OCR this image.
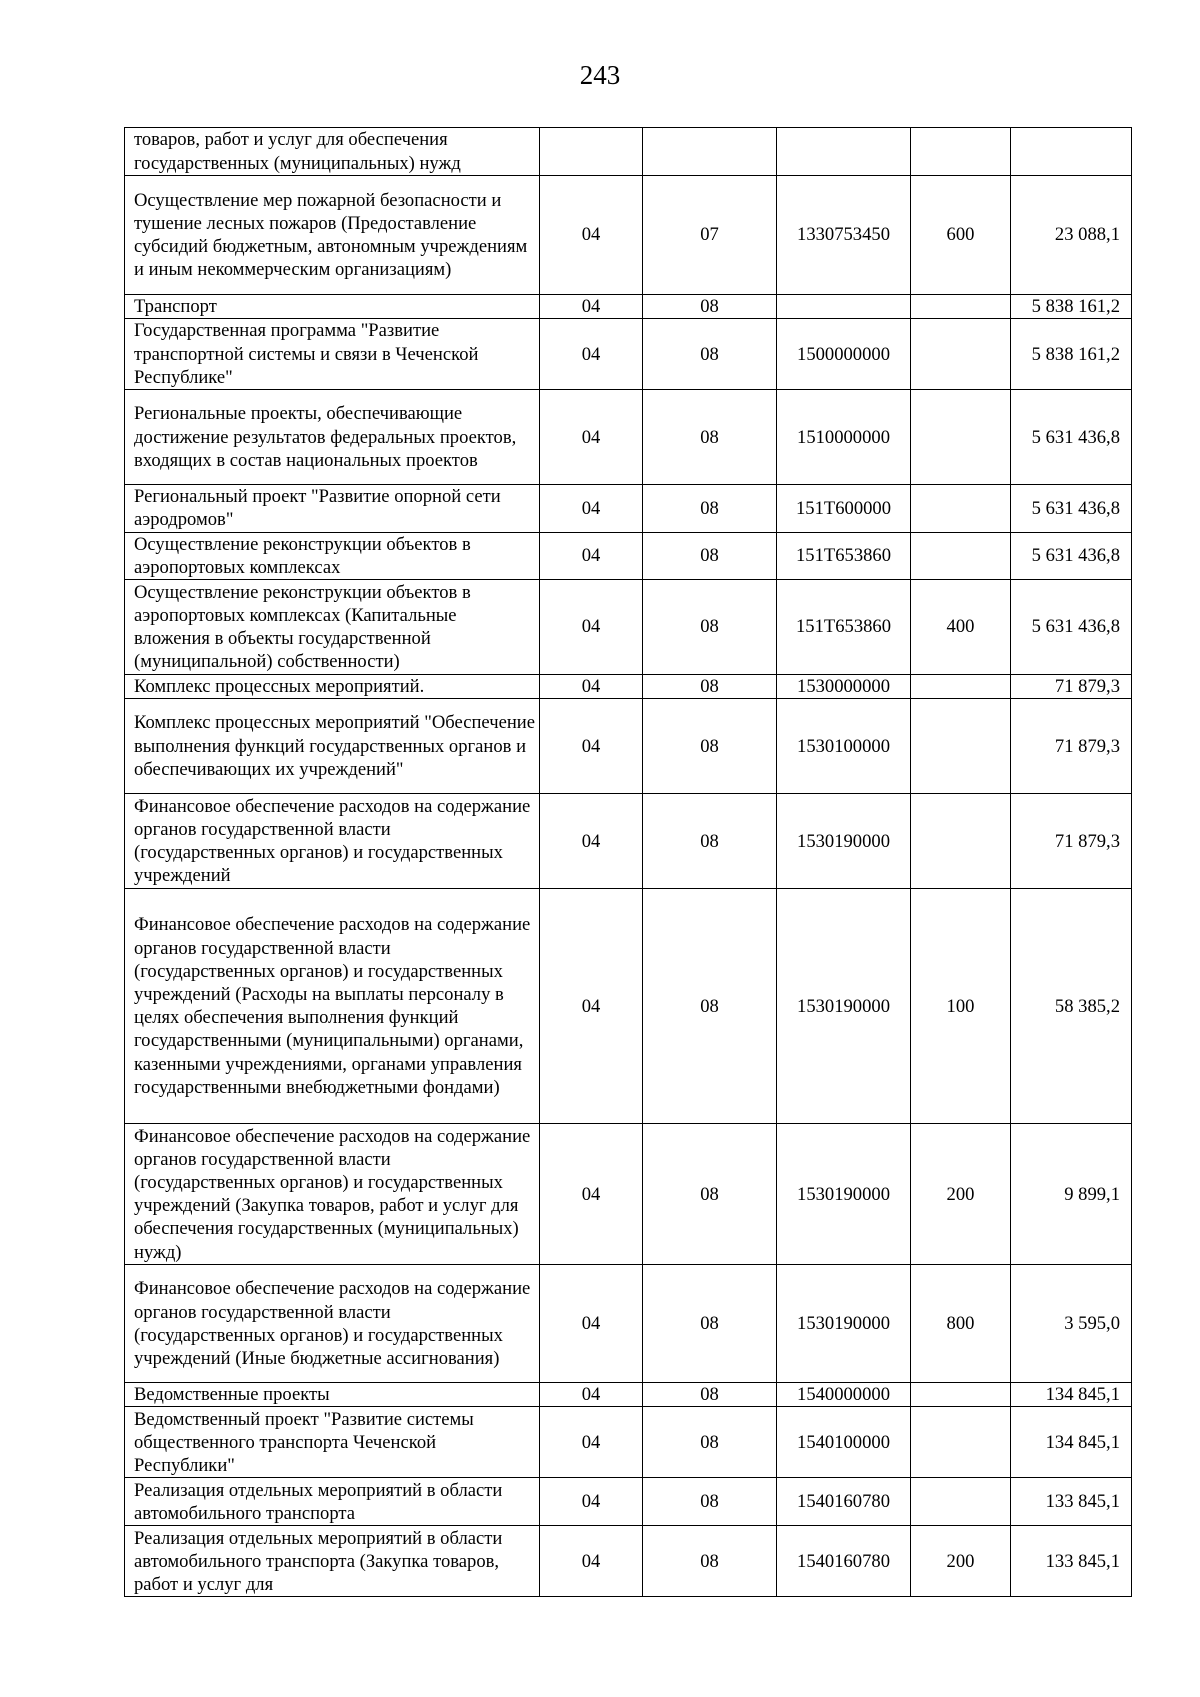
243
товаров, работ и услуг для обеспечения государственных (муниципальных) нужд					
Осуществление мер пожарной безопасности и тушение лесных пожаров (Предоставление субсидий бюджетным, автономным учреждениям и иным некоммерческим организациям)	04	07	1330753450	600	23 088,1
Транспорт	04	08			5 838 161,2
Государственная программа "Развитие транспортной системы и связи в Чеченской Республике"	04	08	1500000000		5 838 161,2
Региональные проекты, обеспечивающие достижение результатов федеральных проектов, входящих в состав национальных проектов	04	08	1510000000		5 631 436,8
Региональный проект "Развитие опорной сети аэродромов"	04	08	151Т600000		5 631 436,8
Осуществление реконструкции объектов в аэропортовых комплексах	04	08	151Т653860		5 631 436,8
Осуществление реконструкции объектов в аэропортовых комплексах (Капитальные вложения в объекты государственной (муниципальной) собственности)	04	08	151Т653860	400	5 631 436,8
Комплекс процессных мероприятий.	04	08	1530000000		71 879,3
Комплекс процессных мероприятий "Обеспечение выполнения функций государственных органов и обеспечивающих их учреждений"	04	08	1530100000		71 879,3
Финансовое обеспечение расходов на содержание органов государственной власти (государственных органов) и государственных учреждений	04	08	1530190000		71 879,3
Финансовое обеспечение расходов на содержание органов государственной власти (государственных органов) и государственных учреждений (Расходы на выплаты персоналу в целях обеспечения выполнения функций государственными (муниципальными) органами, казенными учреждениями, органами управления государственными внебюджетными фондами)	04	08	1530190000	100	58 385,2
Финансовое обеспечение расходов на содержание органов государственной власти (государственных органов) и государственных учреждений (Закупка товаров, работ и услуг для обеспечения государственных (муниципальных) нужд)	04	08	1530190000	200	9 899,1
Финансовое обеспечение расходов на содержание органов государственной власти (государственных органов) и государственных учреждений (Иные бюджетные ассигнования)	04	08	1530190000	800	3 595,0
Ведомственные проекты	04	08	1540000000		134 845,1
Ведомственный проект "Развитие системы общественного транспорта Чеченской Республики"	04	08	1540100000		134 845,1
Реализация отдельных мероприятий в области автомобильного транспорта	04	08	1540160780		133 845,1
Реализация отдельных мероприятий в области автомобильного транспорта (Закупка товаров, работ и услуг для	04	08	1540160780	200	133 845,1
